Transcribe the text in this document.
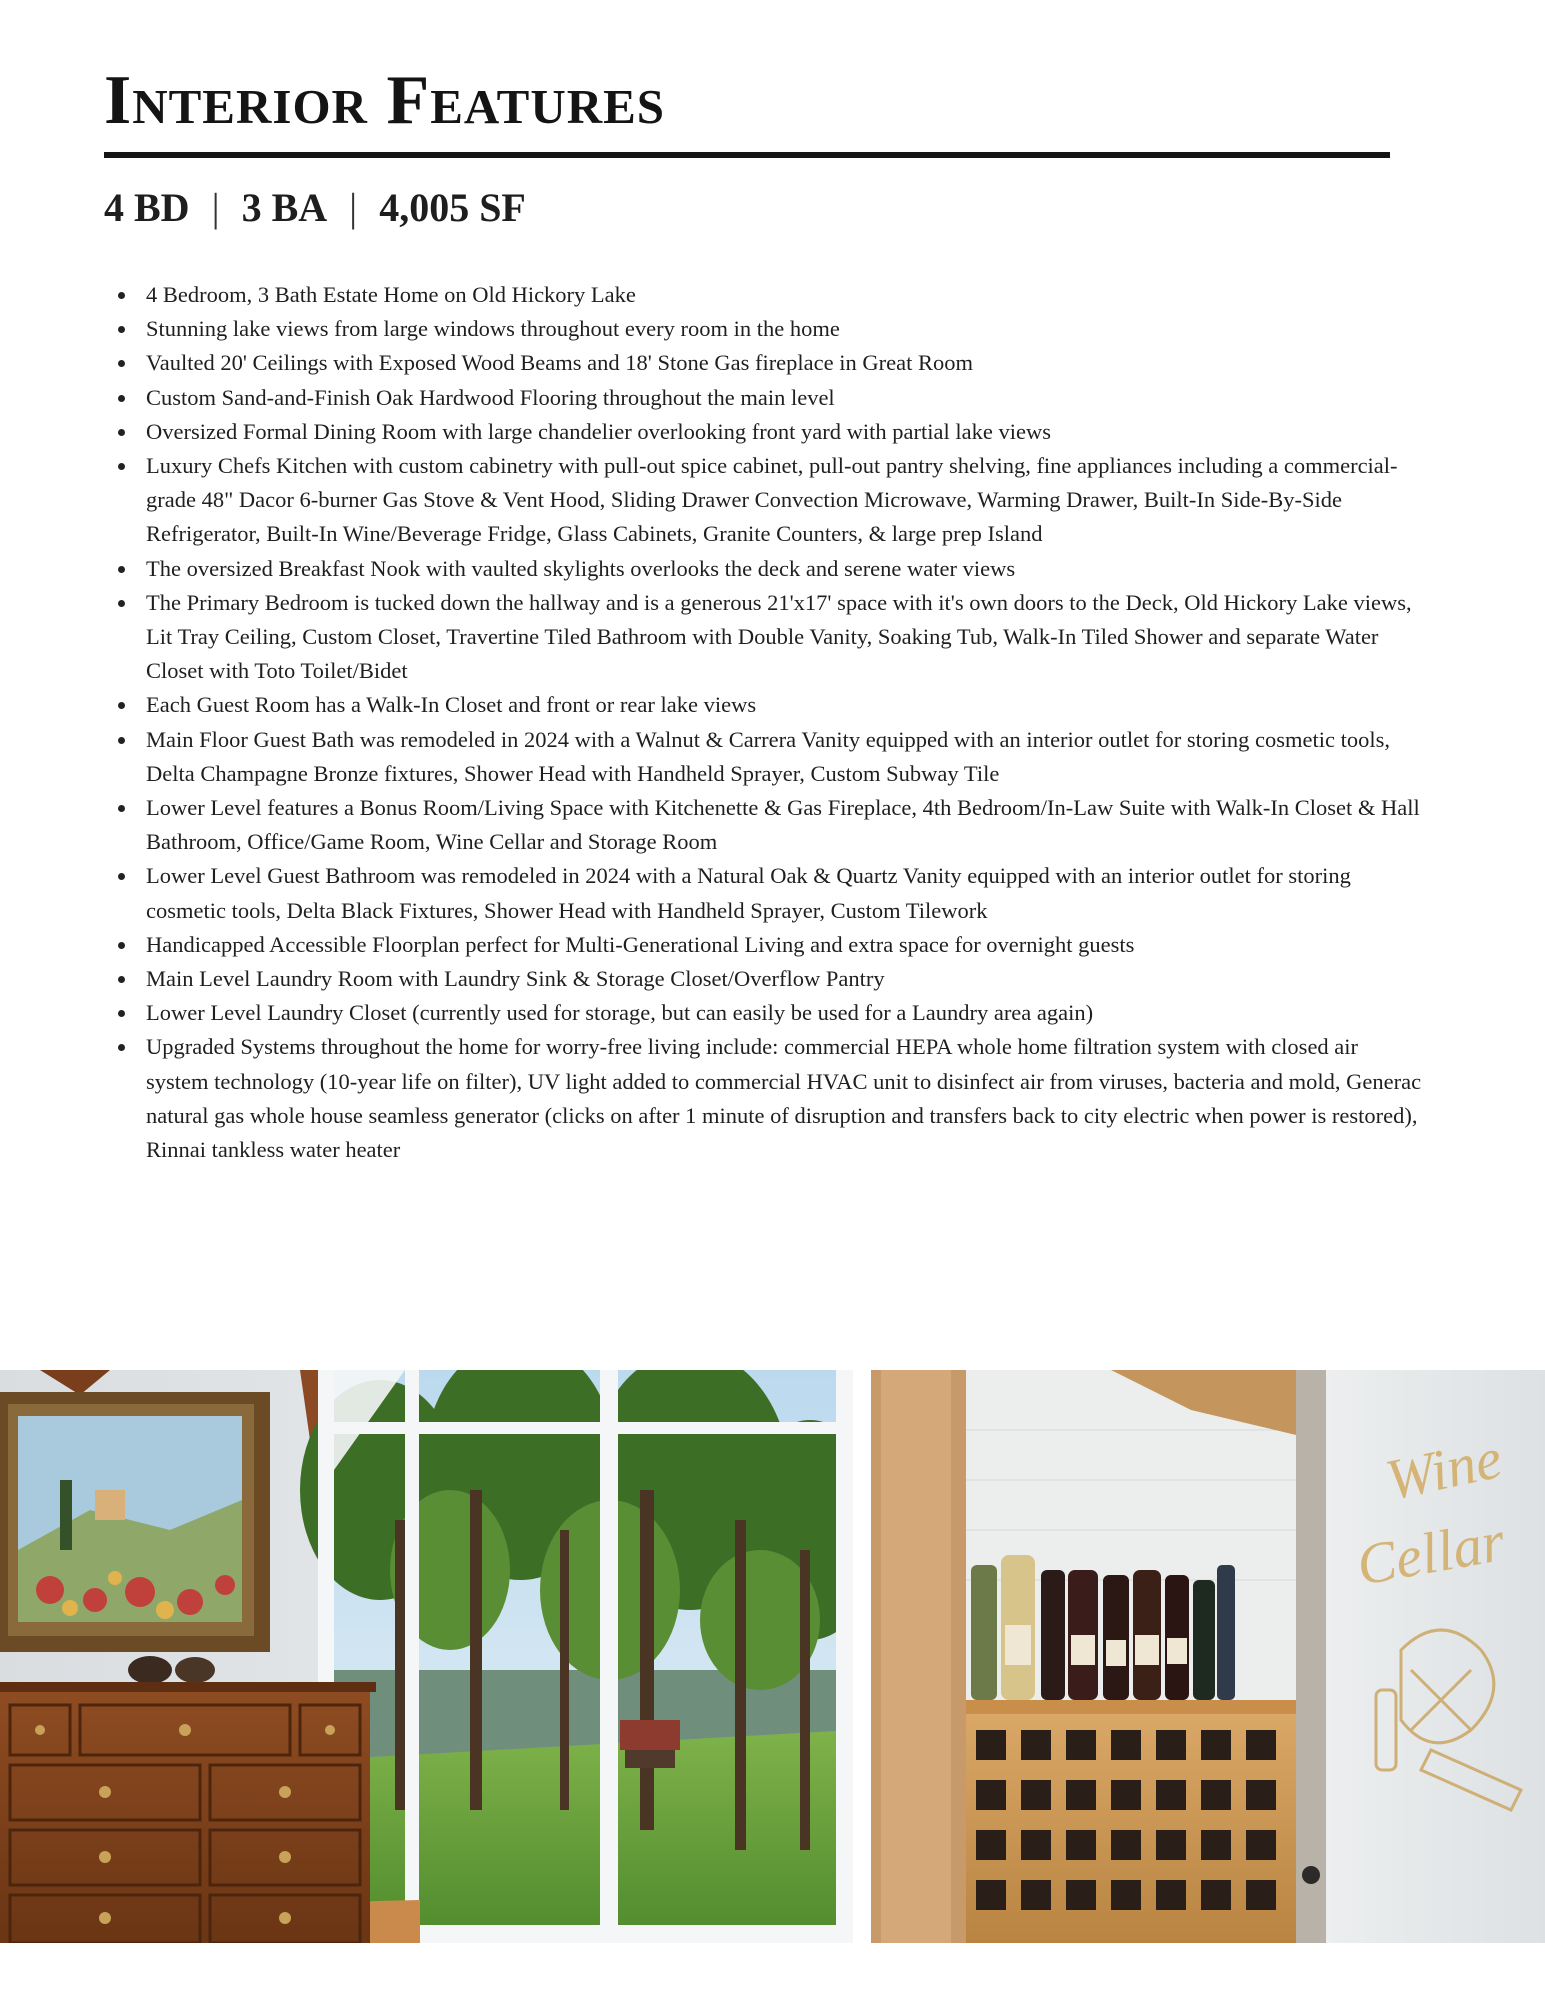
Interior Features
4 BD | 3 BA | 4,005 SF
4 Bedroom, 3 Bath Estate Home on Old Hickory Lake
Stunning lake views from large windows throughout every room in the home
Vaulted 20' Ceilings with Exposed Wood Beams and 18' Stone Gas fireplace in Great Room
Custom Sand-and-Finish Oak Hardwood Flooring throughout the main level
Oversized Formal Dining Room with large chandelier overlooking front yard with partial lake views
Luxury Chefs Kitchen with custom cabinetry with pull-out spice cabinet, pull-out pantry shelving, fine appliances including a commercial-grade 48" Dacor 6-burner Gas Stove & Vent Hood, Sliding Drawer Convection Microwave, Warming Drawer, Built-In Side-By-Side Refrigerator, Built-In Wine/Beverage Fridge, Glass Cabinets, Granite Counters, & large prep Island
The oversized Breakfast Nook with vaulted skylights overlooks the deck and serene water views
The Primary Bedroom is tucked down the hallway and is a generous 21'x17' space with it's own doors to the Deck, Old Hickory Lake views, Lit Tray Ceiling, Custom Closet, Travertine Tiled Bathroom with Double Vanity, Soaking Tub, Walk-In Tiled Shower and separate Water Closet with Toto Toilet/Bidet
Each Guest Room has a Walk-In Closet and front or rear lake views
Main Floor Guest Bath was remodeled in 2024 with a Walnut & Carrera Vanity equipped with an interior outlet for storing cosmetic tools, Delta Champagne Bronze fixtures, Shower Head with Handheld Sprayer, Custom Subway Tile
Lower Level features a Bonus Room/Living Space with Kitchenette & Gas Fireplace, 4th Bedroom/In-Law Suite with Walk-In Closet & Hall Bathroom, Office/Game Room, Wine Cellar and Storage Room
Lower Level Guest Bathroom was remodeled in 2024 with a Natural Oak & Quartz Vanity equipped with an interior outlet for storing cosmetic tools, Delta Black Fixtures, Shower Head with Handheld Sprayer, Custom Tilework
Handicapped Accessible Floorplan perfect for Multi-Generational Living and extra space for overnight guests
Main Level Laundry Room with Laundry Sink & Storage Closet/Overflow Pantry
Lower Level Laundry Closet (currently used for storage, but can easily be used for a Laundry area again)
Upgraded Systems throughout the home for worry-free living include: commercial HEPA whole home filtration system with closed air system technology (10-year life on filter), UV light added to commercial HVAC unit to disinfect air from viruses, bacteria and mold, Generac natural gas whole house seamless generator (clicks on after 1 minute of disruption and transfers back to city electric when power is restored), Rinnai tankless water heater
Wine
Cellar
